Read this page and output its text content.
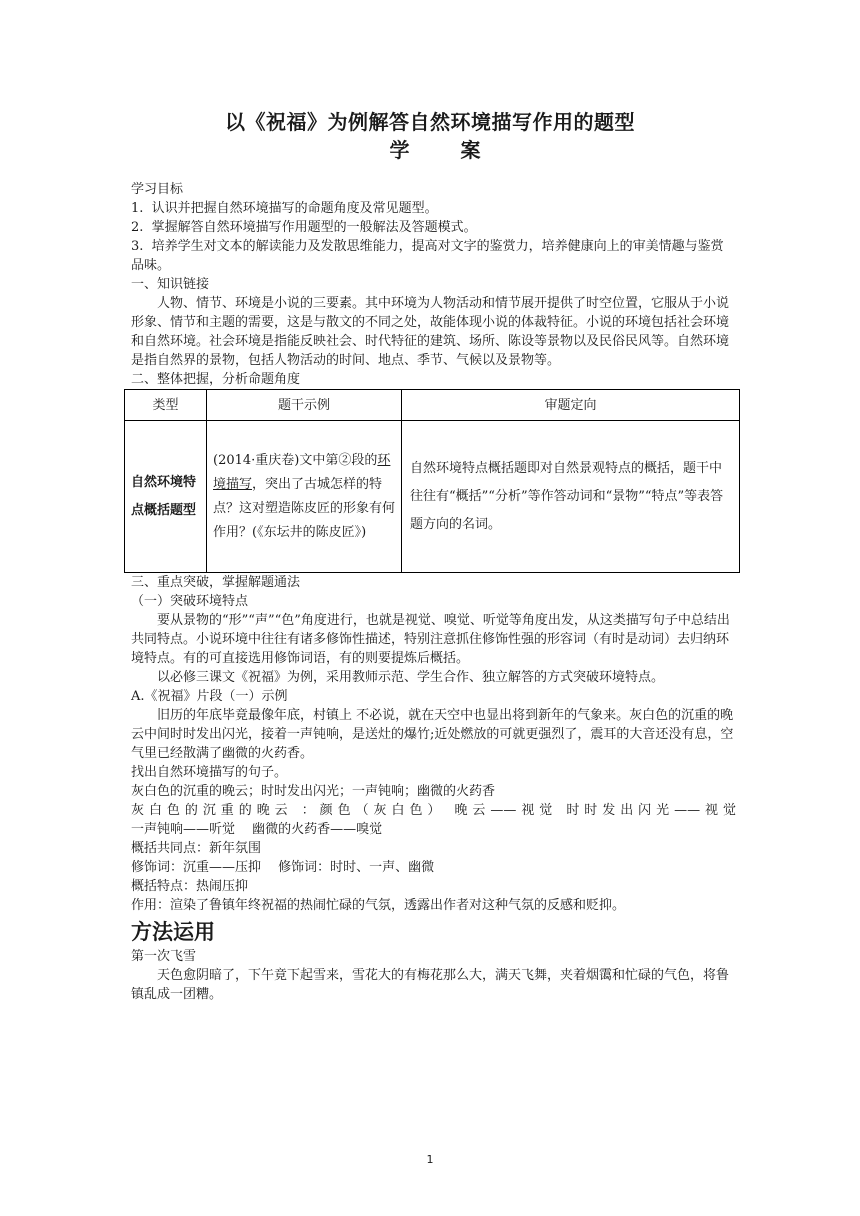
以《祝福》为例解答自然环境描写作用的题型
学 案

学习目标

1. 认识并把握自然环境描写的命题角度及常见题型。

2. 掌握解答自然环境描写作用题型的一般解法及答题模式。

3. 培养学生对文本的解读能力及发散思维能力，提高对文字的鉴赏力，培养健康向上的审美情趣与鉴赏品味。

一、知识链接

人物、情节、环境是小说的三要素。其中环境为人物活动和情节展开提供了时空位置，它服从于小说形象、情节和主题的需要，这是与散文的不同之处，故能体现小说的体裁特征。小说的环境包括社会环境和自然环境。社会环境是指能反映社会、时代特征的建筑、场所、陈设等景物以及民俗民风等。自然环境是指自然界的景物，包括人物活动的时间、地点、季节、气候以及景物等。

二、整体把握，分析命题角度

类型	题干示例	审题定向
自然环境特点概括题型	(2014·重庆卷)文中第②段的环境描写，突出了古城怎样的特点？这对塑造陈皮匠的形象有何作用？(《东坛井的陈皮匠》)	自然环境特点概括题即对自然景观特点的概括，题干中往往有“概括”“分析”等作答动词和“景物”“特点”等表答题方向的名词。

三、重点突破，掌握解题通法

（一）突破环境特点

要从景物的“形”“声”“色”角度进行，也就是视觉、嗅觉、听觉等角度出发，从这类描写句子中总结出共同特点。小说环境中往往有诸多修饰性描述，特别注意抓住修饰性强的形容词（有时是动词）去归纳环境特点。有的可直接选用修饰词语，有的则要提炼后概括。

以必修三课文《祝福》为例，采用教师示范、学生合作、独立解答的方式突破环境特点。

A.《祝福》片段（一）示例

旧历的年底毕竟最像年底，村镇上 不必说，就在天空中也显出将到新年的气象来。灰白色的沉重的晚云中间时时发出闪光，接着一声钝响，是送灶的爆竹;近处燃放的可就更强烈了，震耳的大音还没有息，空气里已经散满了幽微的火药香。

找出自然环境描写的句子。

灰白色的沉重的晚云；时时发出闪光；一声钝响；幽微的火药香

灰白色的沉重的晚云 ：颜色（灰白色） 晚云——视觉 时时发出闪光——视觉

一声钝响——听觉　 幽微的火药香——嗅觉

概括共同点：新年氛围

修饰词：沉重——压抑　 修饰词：时时、一声、幽微

概括特点：热闹压抑

作用：渲染了鲁镇年终祝福的热闹忙碌的气氛，透露出作者对这种气氛的反感和贬抑。

方法运用

第一次飞雪

天色愈阴暗了，下午竟下起雪来，雪花大的有梅花那么大，满天飞舞，夹着烟霭和忙碌的气色，将鲁镇乱成一团糟。

1
